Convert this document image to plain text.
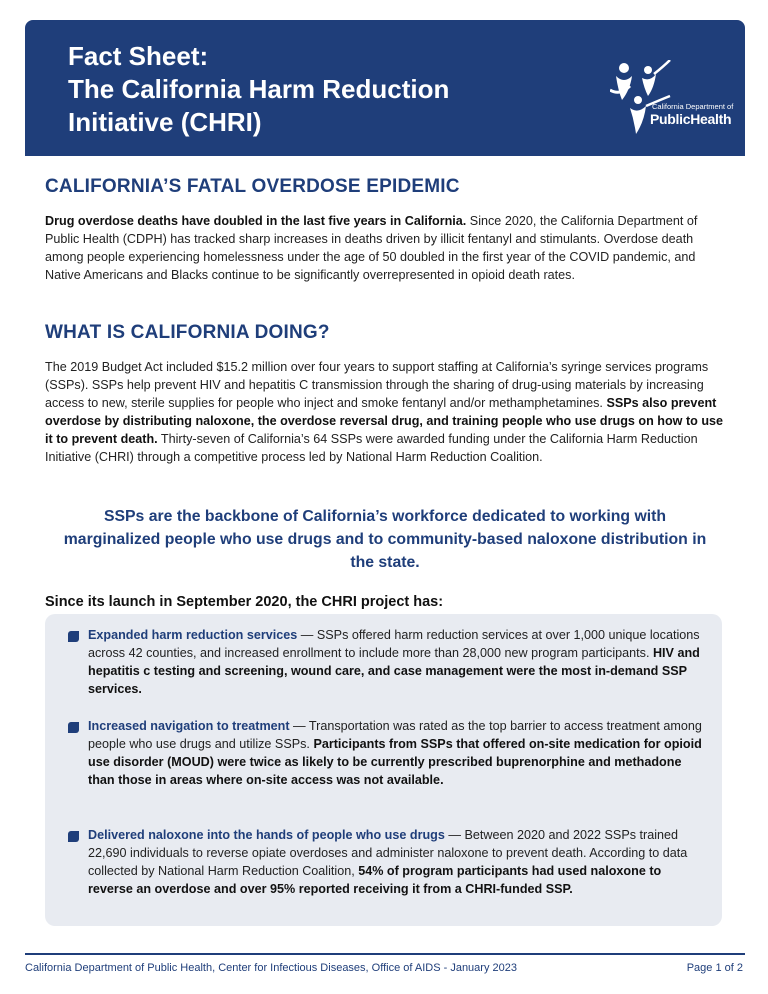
Fact Sheet:
The California Harm Reduction
Initiative (CHRI)
California Department of
PublicHealth
CALIFORNIA’S FATAL OVERDOSE EPIDEMIC

Drug overdose deaths have doubled in the last five years in California. Since 2020, the California Department of Public Health (CDPH) has tracked sharp increases in deaths driven by illicit fentanyl and stimulants. Overdose death among people experiencing homelessness under the age of 50 doubled in the first year of the COVID pandemic, and Native Americans and Blacks continue to be significantly overrepresented in opioid death rates.

WHAT IS CALIFORNIA DOING?

The 2019 Budget Act included $15.2 million over four years to support staffing at California’s syringe services programs (SSPs). SSPs help prevent HIV and hepatitis C transmission through the sharing of drug-using materials by increasing access to new, sterile supplies for people who inject and smoke fentanyl and/or methamphetamines. SSPs also prevent overdose by distributing naloxone, the overdose reversal drug, and training people who use drugs on how to use it to prevent death. Thirty-seven of California’s 64 SSPs were awarded funding under the California Harm Reduction Initiative (CHRI) through a competitive process led by National Harm Reduction Coalition.

SSPs are the backbone of California’s workforce dedicated to working with marginalized people who use drugs and to community-based naloxone distribution in the state.
Since its launch in September 2020, the CHRI project has:
Expanded harm reduction services — SSPs offered harm reduction services at over 1,000 unique locations across 42 counties, and increased enrollment to include more than 28,000 new program participants. HIV and hepatitis c testing and screening, wound care, and case management were the most in-demand SSP services.
Increased navigation to treatment — Transportation was rated as the top barrier to access treatment among people who use drugs and utilize SSPs. Participants from SSPs that offered on-site medication for opioid use disorder (MOUD) were twice as likely to be currently prescribed buprenorphine and methadone than those in areas where on-site access was not available.
Delivered naloxone into the hands of people who use drugs — Between 2020 and 2022 SSPs trained 22,690 individuals to reverse opiate overdoses and administer naloxone to prevent death. According to data collected by National Harm Reduction Coalition, 54% of program participants had used naloxone to reverse an overdose and over 95% reported receiving it from a CHRI-funded SSP.
California Department of Public Health, Center for Infectious Diseases, Office of AIDS - January 2023	Page 1 of 2
